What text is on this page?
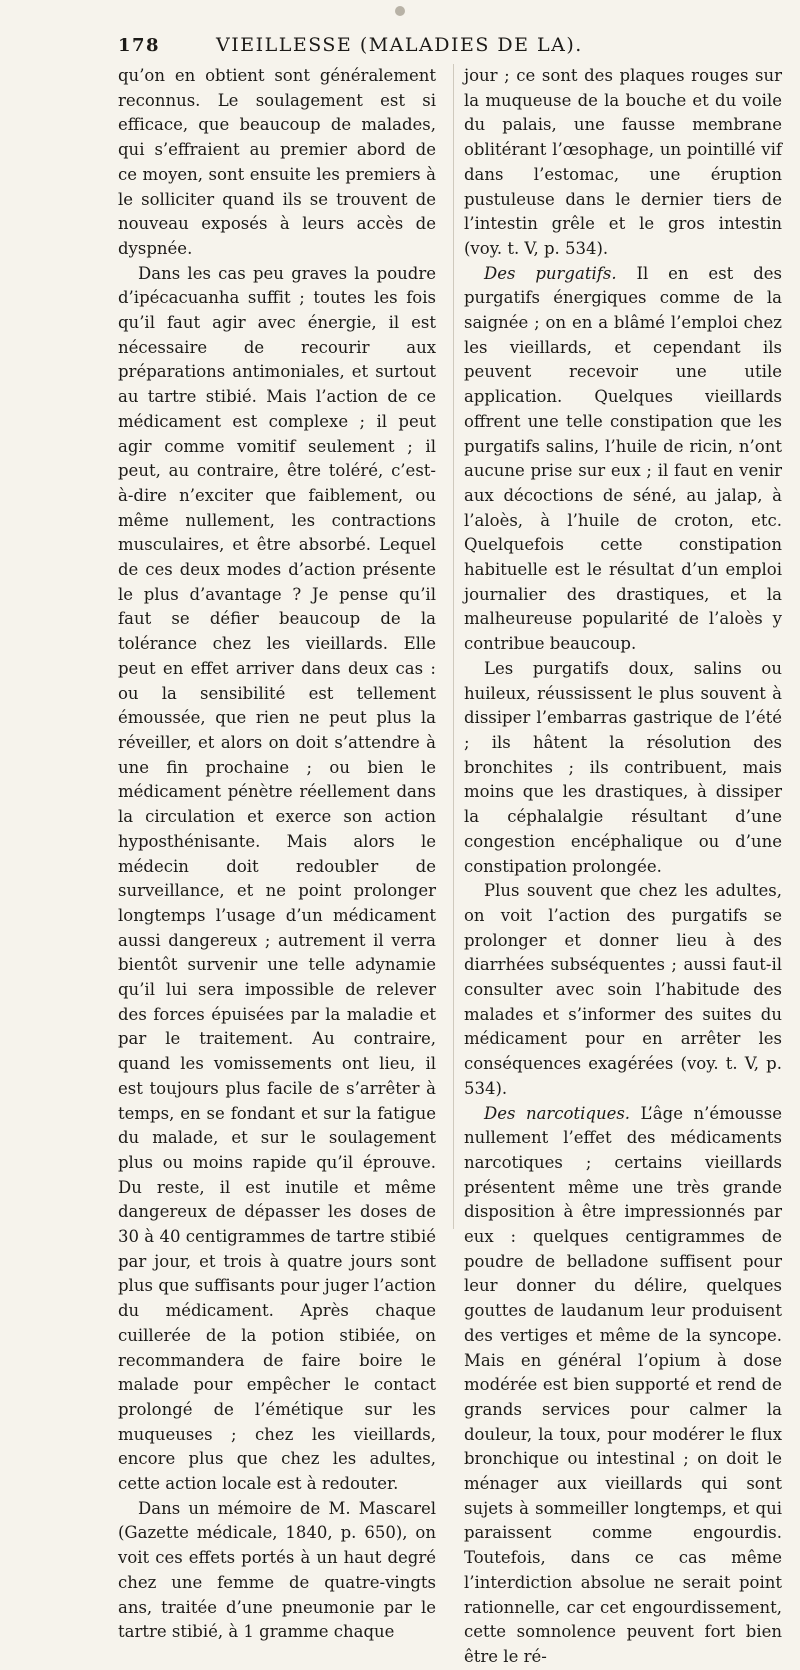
178	VIEILLESSE (MALADIES DE LA).

qu’on en obtient sont généralement reconnus. Le soulagement est si efficace, que beaucoup de malades, qui s’effraient au premier abord de ce moyen, sont ensuite les premiers à le solliciter quand ils se trouvent de nouveau exposés à leurs accès de dyspnée.

Dans les cas peu graves la poudre d’ipécacuanha suffit ; toutes les fois qu’il faut agir avec énergie, il est nécessaire de recourir aux préparations antimoniales, et surtout au tartre stibié. Mais l’action de ce médicament est complexe ; il peut agir comme vomitif seulement ; il peut, au contraire, être toléré, c’est-à-dire n’exciter que faiblement, ou même nullement, les contractions musculaires, et être absorbé. Lequel de ces deux modes d’action présente le plus d’avantage ? Je pense qu’il faut se défier beaucoup de la tolérance chez les vieillards. Elle peut en effet arriver dans deux cas : ou la sensibilité est tellement émoussée, que rien ne peut plus la réveiller, et alors on doit s’attendre à une fin prochaine ; ou bien le médicament pénètre réellement dans la circulation et exerce son action hyposthénisante. Mais alors le médecin doit redoubler de surveillance, et ne point prolonger longtemps l’usage d’un médicament aussi dangereux ; autrement il verra bientôt survenir une telle adynamie qu’il lui sera impossible de relever des forces épuisées par la maladie et par le traitement. Au contraire, quand les vomissements ont lieu, il est toujours plus facile de s’arrêter à temps, en se fondant et sur la fatigue du malade, et sur le soulagement plus ou moins rapide qu’il éprouve. Du reste, il est inutile et même dangereux de dépasser les doses de 30 à 40 centigrammes de tartre stibié par jour, et trois à quatre jours sont plus que suffisants pour juger l’action du médicament. Après chaque cuillerée de la potion stibiée, on recommandera de faire boire le malade pour empêcher le contact prolongé de l’émétique sur les muqueuses ; chez les vieillards, encore plus que chez les adultes, cette action locale est à redouter.

Dans un mémoire de M. Mascarel (Gazette médicale, 1840, p. 650), on voit ces effets portés à un haut degré chez une femme de quatre-vingts ans, traitée d’une pneumonie par le tartre stibié, à 1 gramme chaque

jour ; ce sont des plaques rouges sur la muqueuse de la bouche et du voile du palais, une fausse membrane oblitérant l’œsophage, un pointillé vif dans l’estomac, une éruption pustuleuse dans le dernier tiers de l’intestin grêle et le gros intestin (voy. t. V, p. 534).

Des purgatifs. Il en est des purgatifs énergiques comme de la saignée ; on en a blâmé l’emploi chez les vieillards, et cependant ils peuvent recevoir une utile application. Quelques vieillards offrent une telle constipation que les purgatifs salins, l’huile de ricin, n’ont aucune prise sur eux ; il faut en venir aux décoctions de séné, au jalap, à l’aloès, à l’huile de croton, etc. Quelquefois cette constipation habituelle est le résultat d’un emploi journalier des drastiques, et la malheureuse popularité de l’aloès y contribue beaucoup.

Les purgatifs doux, salins ou huileux, réussissent le plus souvent à dissiper l’embarras gastrique de l’été ; ils hâtent la résolution des bronchites ; ils contribuent, mais moins que les drastiques, à dissiper la céphalalgie résultant d’une congestion encéphalique ou d’une constipation prolongée.

Plus souvent que chez les adultes, on voit l’action des purgatifs se prolonger et donner lieu à des diarrhées subséquentes ; aussi faut-il consulter avec soin l’habitude des malades et s’informer des suites du médicament pour en arrêter les conséquences exagérées (voy. t. V, p. 534).

Des narcotiques. L’âge n’émousse nullement l’effet des médicaments narcotiques ; certains vieillards présentent même une très grande disposition à être impressionnés par eux : quelques centigrammes de poudre de belladone suffisent pour leur donner du délire, quelques gouttes de laudanum leur produisent des vertiges et même de la syncope. Mais en général l’opium à dose modérée est bien supporté et rend de grands services pour calmer la douleur, la toux, pour modérer le flux bronchique ou intestinal ; on doit le ménager aux vieillards qui sont sujets à sommeiller longtemps, et qui paraissent comme engourdis. Toutefois, dans ce cas même l’interdiction absolue ne serait point rationnelle, car cet engourdissement, cette somnolence peuvent fort bien être le ré-
